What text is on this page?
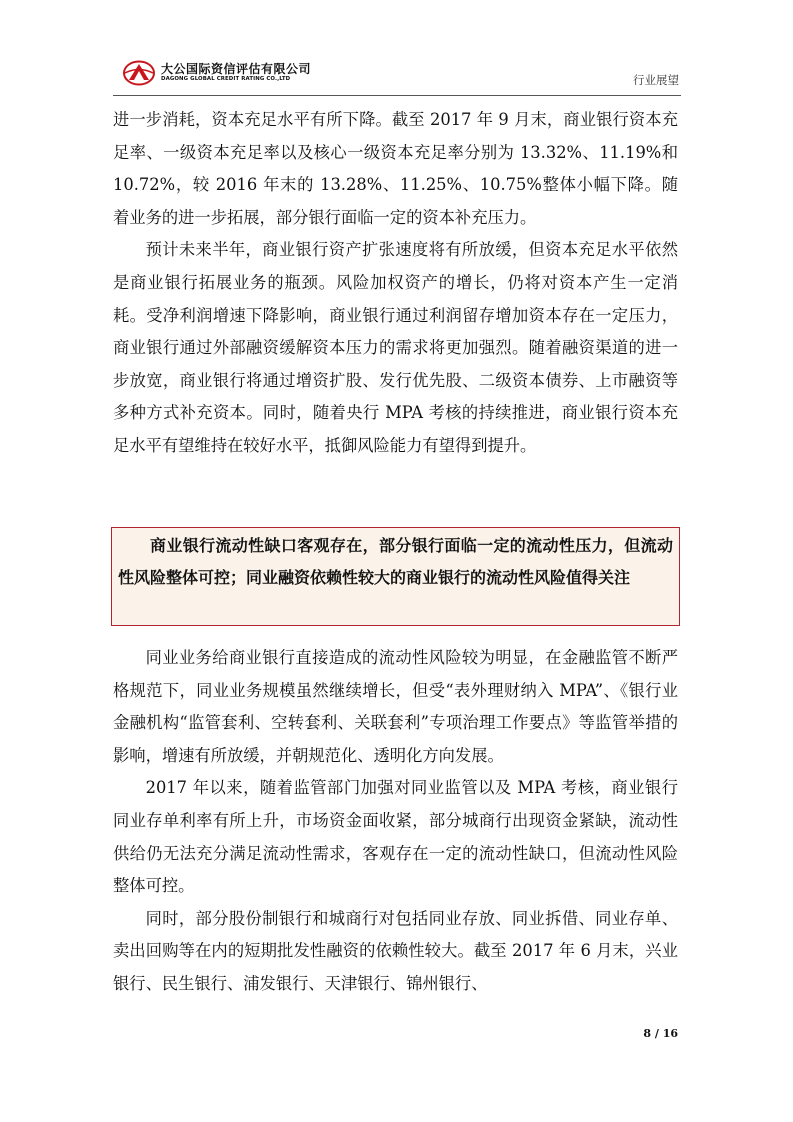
大公国际资信评估有限公司
DAGONG GLOBAL CREDIT RATING CO.,LTD	行业展望

进一步消耗，资本充足水平有所下降。截至 2017 年 9 月末，商业银行资本充足率、一级资本充足率以及核心一级资本充足率分别为 13.32%、11.19%和 10.72%，较 2016 年末的 13.28%、11.25%、10.75%整体小幅下降。随着业务的进一步拓展，部分银行面临一定的资本补充压力。

预计未来半年，商业银行资产扩张速度将有所放缓，但资本充足水平依然是商业银行拓展业务的瓶颈。风险加权资产的增长，仍将对资本产生一定消耗。受净利润增速下降影响，商业银行通过利润留存增加资本存在一定压力，商业银行通过外部融资缓解资本压力的需求将更加强烈。随着融资渠道的进一步放宽，商业银行将通过增资扩股、发行优先股、二级资本债券、上市融资等多种方式补充资本。同时，随着央行 MPA 考核的持续推进，商业银行资本充足水平有望维持在较好水平，抵御风险能力有望得到提升。

商业银行流动性缺口客观存在，部分银行面临一定的流动性压力，但流动性风险整体可控；同业融资依赖性较大的商业银行的流动性风险值得关注

同业业务给商业银行直接造成的流动性风险较为明显，在金融监管不断严格规范下，同业业务规模虽然继续增长，但受“表外理财纳入 MPA”、《银行业金融机构“监管套利、空转套利、关联套利”专项治理工作要点》等监管举措的影响，增速有所放缓，并朝规范化、透明化方向发展。

2017 年以来，随着监管部门加强对同业监管以及 MPA 考核，商业银行同业存单利率有所上升，市场资金面收紧，部分城商行出现资金紧缺，流动性供给仍无法充分满足流动性需求，客观存在一定的流动性缺口，但流动性风险整体可控。

同时，部分股份制银行和城商行对包括同业存放、同业拆借、同业存单、卖出回购等在内的短期批发性融资的依赖性较大。截至 2017 年 6 月末，兴业银行、民生银行、浦发银行、天津银行、锦州银行、

8 / 16
